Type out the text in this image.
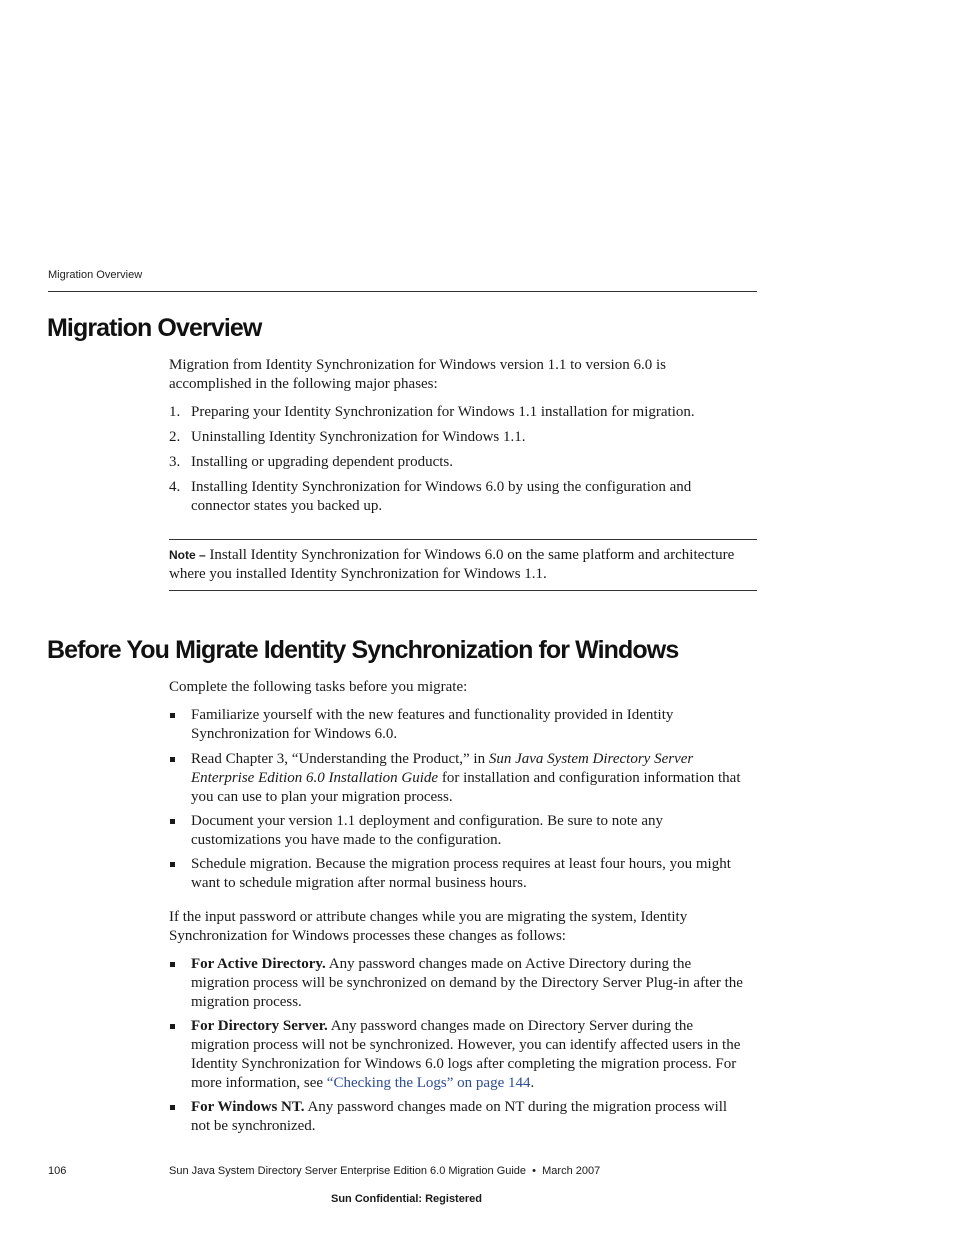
Migration Overview
Migration Overview
Migration from Identity Synchronization for Windows version 1.1 to version 6.0 is
accomplished in the following major phases:
1. Preparing your Identity Synchronization for Windows 1.1 installation for migration.
2. Uninstalling Identity Synchronization for Windows 1.1.
3. Installing or upgrading dependent products.
4. Installing Identity Synchronization for Windows 6.0 by using the configuration and
connector states you backed up.
Note – Install Identity Synchronization for Windows 6.0 on the same platform and architecture
where you installed Identity Synchronization for Windows 1.1.
Before You Migrate Identity Synchronization for Windows
Complete the following tasks before you migrate:
Familiarize yourself with the new features and functionality provided in Identity
Synchronization for Windows 6.0.
Read Chapter 3, “Understanding the Product,” in Sun Java System Directory Server
Enterprise Edition 6.0 Installation Guide for installation and configuration information that
you can use to plan your migration process.
Document your version 1.1 deployment and configuration. Be sure to note any
customizations you have made to the configuration.
Schedule migration. Because the migration process requires at least four hours, you might
want to schedule migration after normal business hours.
If the input password or attribute changes while you are migrating the system, Identity
Synchronization for Windows processes these changes as follows:
For Active Directory. Any password changes made on Active Directory during the
migration process will be synchronized on demand by the Directory Server Plug-in after the
migration process.
For Directory Server. Any password changes made on Directory Server during the
migration process will not be synchronized. However, you can identify affected users in the
Identity Synchronization for Windows 6.0 logs after completing the migration process. For
more information, see “Checking the Logs” on page 144.
For Windows NT. Any password changes made on NT during the migration process will
not be synchronized.
106	Sun Java System Directory Server Enterprise Edition 6.0 Migration Guide  •  March 2007
Sun Confidential: Registered
